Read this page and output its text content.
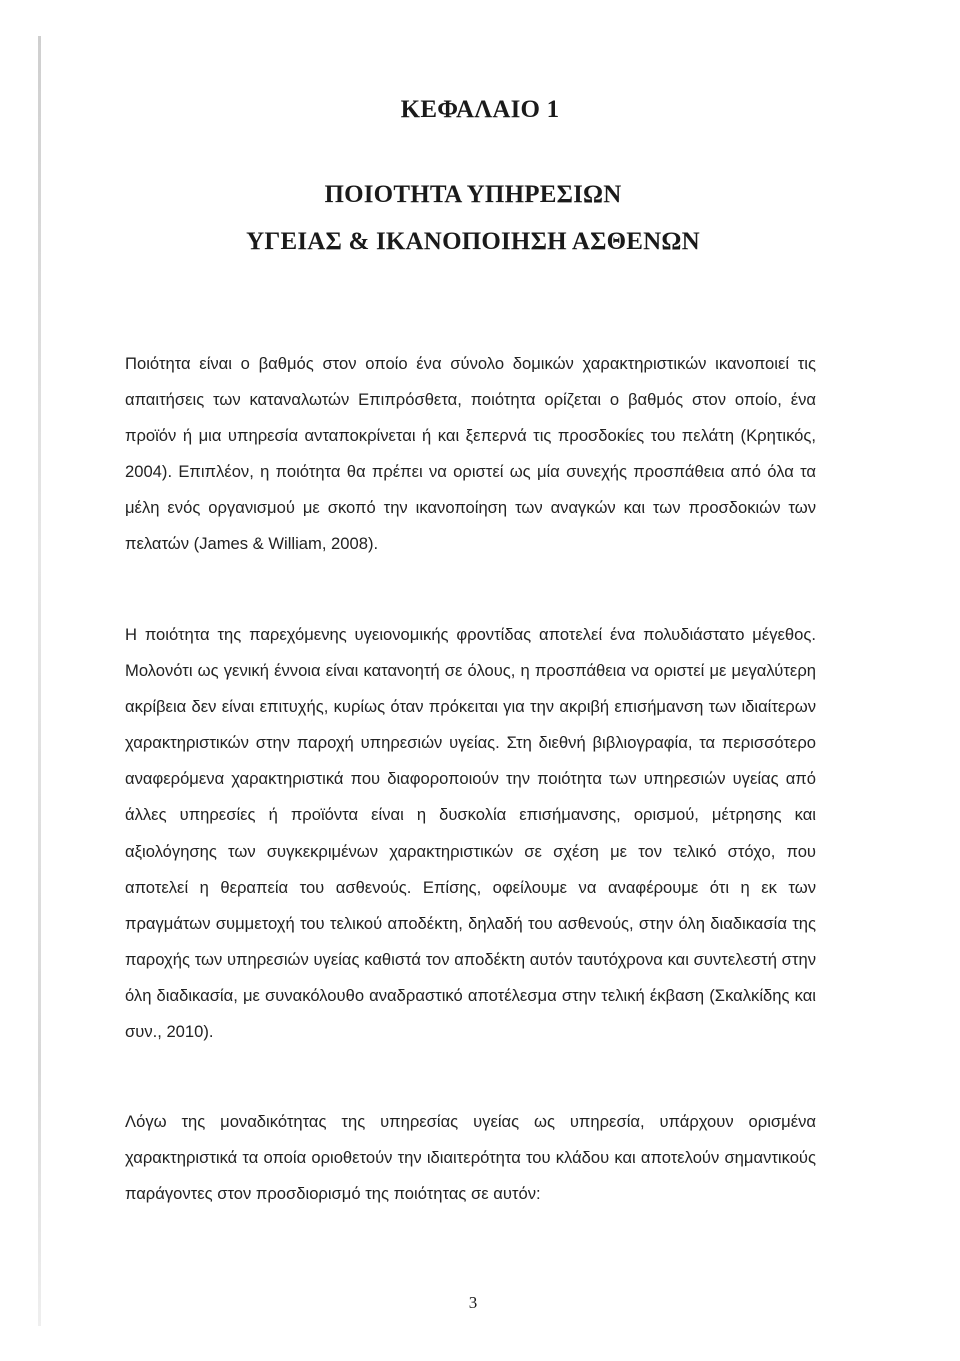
ΚΕΦΑΛΑΙΟ 1
ΠΟΙΟΤΗΤΑ ΥΠΗΡΕΣΙΩΝ
ΥΓΕΙΑΣ & ΙΚΑΝΟΠΟΙΗΣΗ ΑΣΘΕΝΩΝ

Ποιότητα είναι ο βαθμός στον οποίο ένα σύνολο δομικών χαρακτηριστικών ικανοποιεί τις απαιτήσεις των καταναλωτών Επιπρόσθετα, ποιότητα ορίζεται ο βαθμός στον οποίο, ένα προϊόν ή μια υπηρεσία ανταποκρίνεται ή και ξεπερνά τις προσδοκίες του πελάτη (Κρητικός, 2004). Επιπλέον, η ποιότητα θα πρέπει να οριστεί ως μία συνεχής προσπάθεια από όλα τα μέλη ενός οργανισμού με σκοπό την ικανοποίηση των αναγκών και των προσδοκιών των πελατών (James & William, 2008).

Η ποιότητα της παρεχόμενης υγειονομικής φροντίδας αποτελεί ένα πολυδιάστατο μέγεθος. Μολονότι ως γενική έννοια είναι κατανοητή σε όλους, η προσπάθεια να οριστεί με μεγαλύτερη ακρίβεια δεν είναι επιτυχής, κυρίως όταν πρόκειται για την ακριβή επισήμανση των ιδιαίτερων χαρακτηριστικών στην παροχή υπηρεσιών υγείας. Στη διεθνή βιβλιογραφία, τα περισσότερο αναφερόμενα χαρακτηριστικά που διαφοροποιούν την ποιότητα των υπηρεσιών υγείας από άλλες υπηρεσίες ή προϊόντα είναι η δυσκολία επισήμανσης, ορισμού, μέτρησης και αξιολόγησης των συγκεκριμένων χαρακτηριστικών σε σχέση με τον τελικό στόχο, που αποτελεί η θεραπεία του ασθενούς. Επίσης, οφείλουμε να αναφέρουμε ότι η εκ των πραγμάτων συμμετοχή του τελικού αποδέκτη, δηλαδή του ασθενούς, στην όλη διαδικασία της παροχής των υπηρεσιών υγείας καθιστά τον αποδέκτη αυτόν ταυτόχρονα και συντελεστή στην όλη διαδικασία, με συνακόλουθο αναδραστικό αποτέλεσμα στην τελική έκβαση (Σκαλκίδης και συν., 2010).

Λόγω της μοναδικότητας της υπηρεσίας υγείας ως υπηρεσία, υπάρχουν ορισμένα χαρακτηριστικά τα οποία οριοθετούν την ιδιαιτερότητα του κλάδου και αποτελούν σημαντικούς παράγοντες στον προσδιορισμό της ποιότητας σε αυτόν:

3
